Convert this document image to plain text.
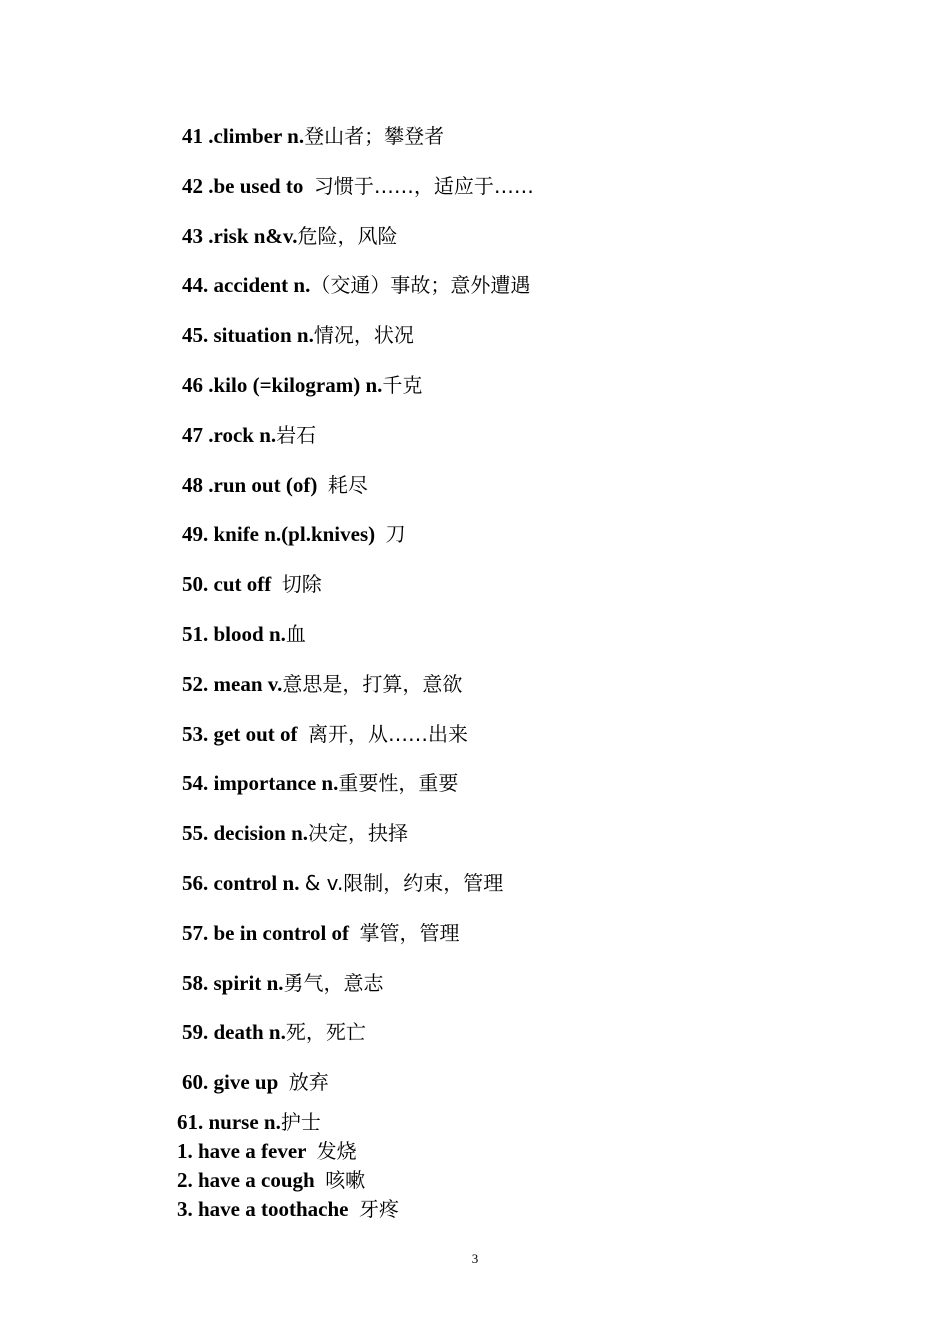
41 .climber n.登山者；攀登者
42 .be used to  习惯于……，适应于……
43 .risk n&v.危险，风险
44. accident n.（交通）事故；意外遭遇
45. situation n.情况，状况
46 .kilo (=kilogram) n.千克
47 .rock n.岩石
48 .run out (of)  耗尽
49. knife n.(pl.knives)  刀
50. cut off  切除
51. blood n.血
52. mean v.意思是，打算，意欲
53. get out of  离开，从……出来
54. importance n.重要性，重要
55. decision n.决定，抉择
56. control n. & v.限制，约束，管理
57. be in control of  掌管，管理
58. spirit n.勇气，意志
59. death n.死，死亡
60. give up  放弃
61. nurse n.护士
1. have a fever  发烧
2. have a cough  咳嗽
3. have a toothache  牙疼
3
